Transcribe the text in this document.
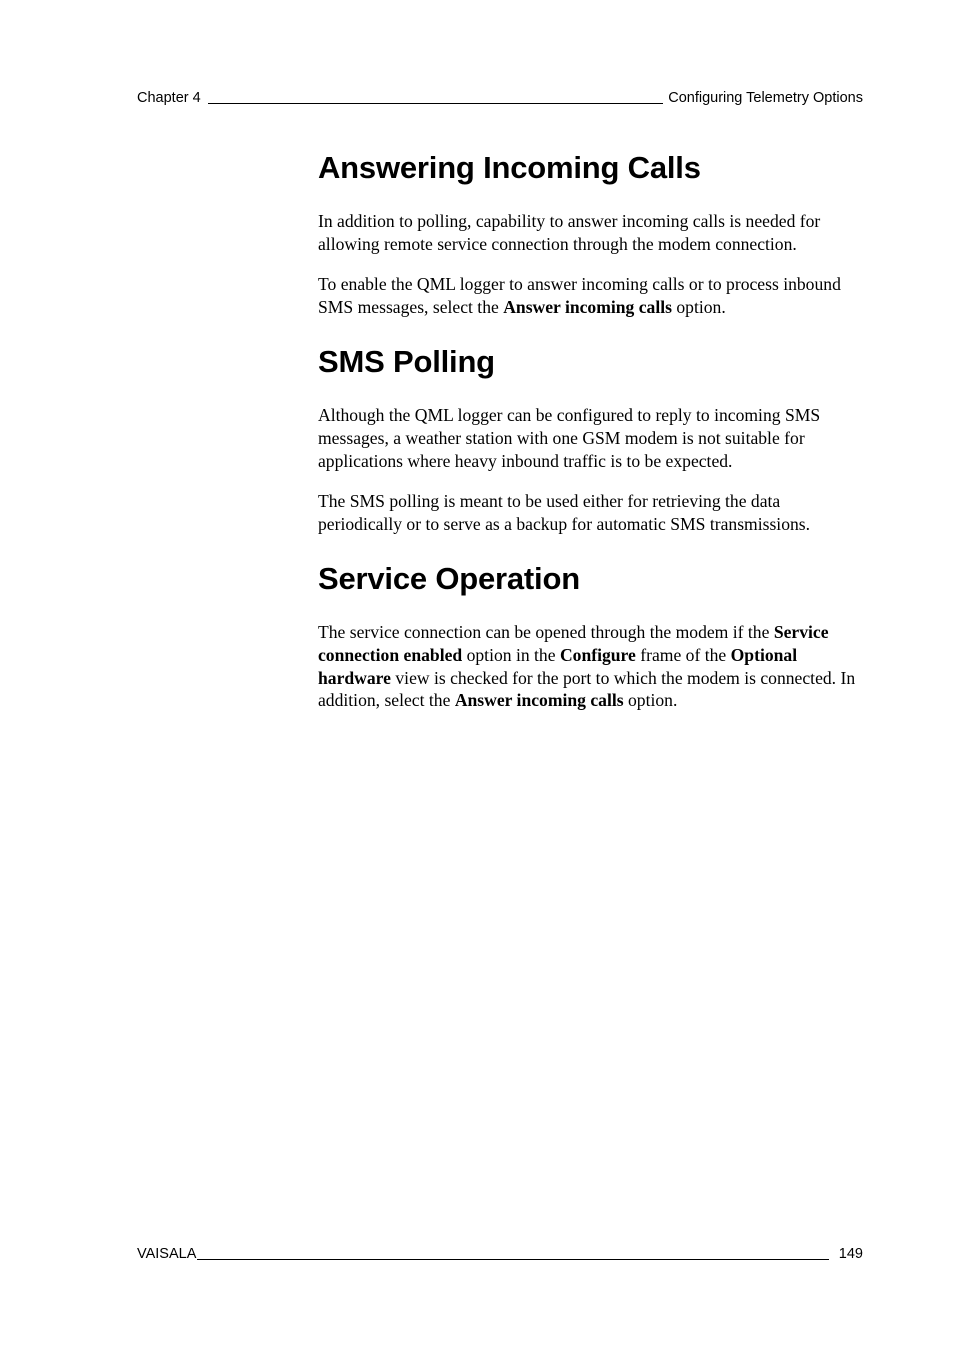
Chapter 4	Configuring Telemetry Options
Answering Incoming Calls

In addition to polling, capability to answer incoming calls is needed for allowing remote service connection through the modem connection.

To enable the QML logger to answer incoming calls or to process inbound SMS messages, select the Answer incoming calls option.

SMS Polling

Although the QML logger can be configured to reply to incoming SMS messages, a weather station with one GSM modem is not suitable for applications where heavy inbound traffic is to be expected.

The SMS polling is meant to be used either for retrieving the data periodically or to serve as a backup for automatic SMS transmissions.

Service Operation

The service connection can be opened through the modem if the Service connection enabled option in the Configure frame of the Optional hardware view is checked for the port to which the modem is connected. In addition, select the Answer incoming calls option.

VAISALA	149
